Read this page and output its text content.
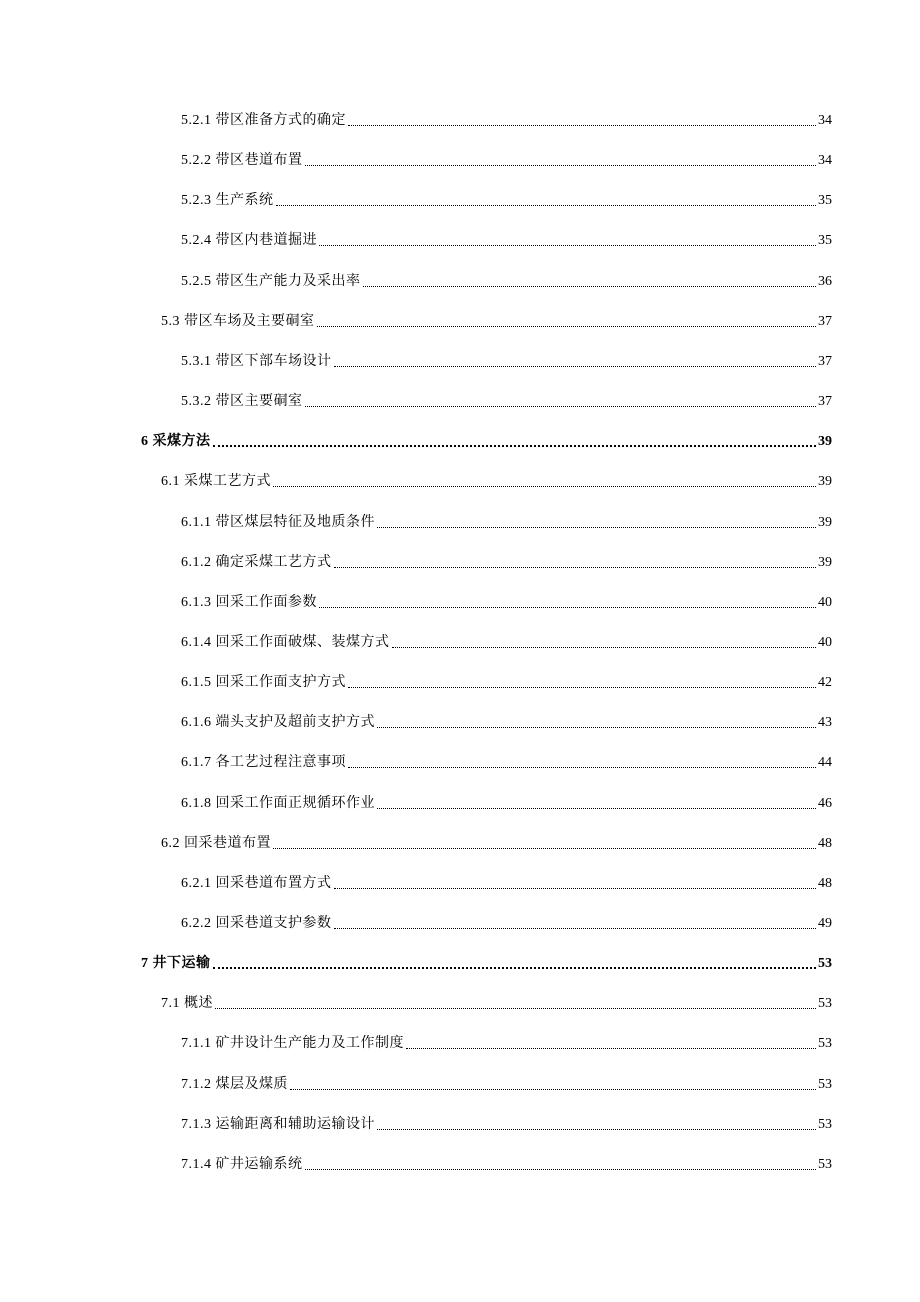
5.2.1 带区准备方式的确定	34
5.2.2 带区巷道布置	34
5.2.3 生产系统	35
5.2.4 带区内巷道掘进	35
5.2.5 带区生产能力及采出率	36
5.3 带区车场及主要硐室	37
5.3.1 带区下部车场设计	37
5.3.2 带区主要硐室	37
6 采煤方法	39
6.1 采煤工艺方式	39
6.1.1 带区煤层特征及地质条件	39
6.1.2 确定采煤工艺方式	39
6.1.3 回采工作面参数	40
6.1.4 回采工作面破煤、装煤方式	40
6.1.5 回采工作面支护方式	42
6.1.6 端头支护及超前支护方式	43
6.1.7 各工艺过程注意事项	44
6.1.8 回采工作面正规循环作业	46
6.2 回采巷道布置	48
6.2.1 回采巷道布置方式	48
6.2.2 回采巷道支护参数	49
7 井下运输	53
7.1 概述	53
7.1.1 矿井设计生产能力及工作制度	53
7.1.2 煤层及煤质	53
7.1.3 运输距离和辅助运输设计	53
7.1.4 矿井运输系统	53
